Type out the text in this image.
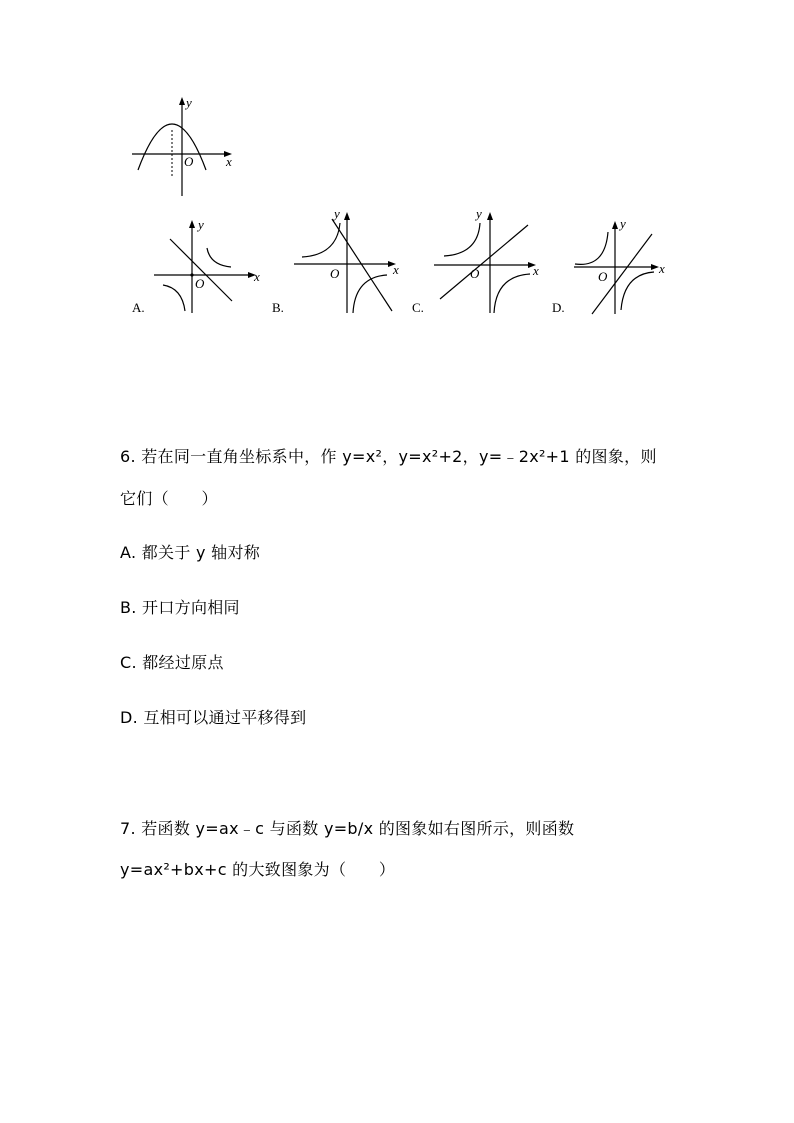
y
x
O
y
x
O
y
x
O
y
x
O
y
x
O
A.	B.	C.	D.
6. 若在同一直角坐标系中，作 y=x²，y=x²+2，y=﹣2x²+1 的图象，则
它们（　　）
A. 都关于 y 轴对称
B. 开口方向相同
C. 都经过原点
D. 互相可以通过平移得到
7. 若函数 y=ax﹣c 与函数 y=b/x 的图象如右图所示，则函数
y=ax²+bx+c 的大致图象为（　　）
